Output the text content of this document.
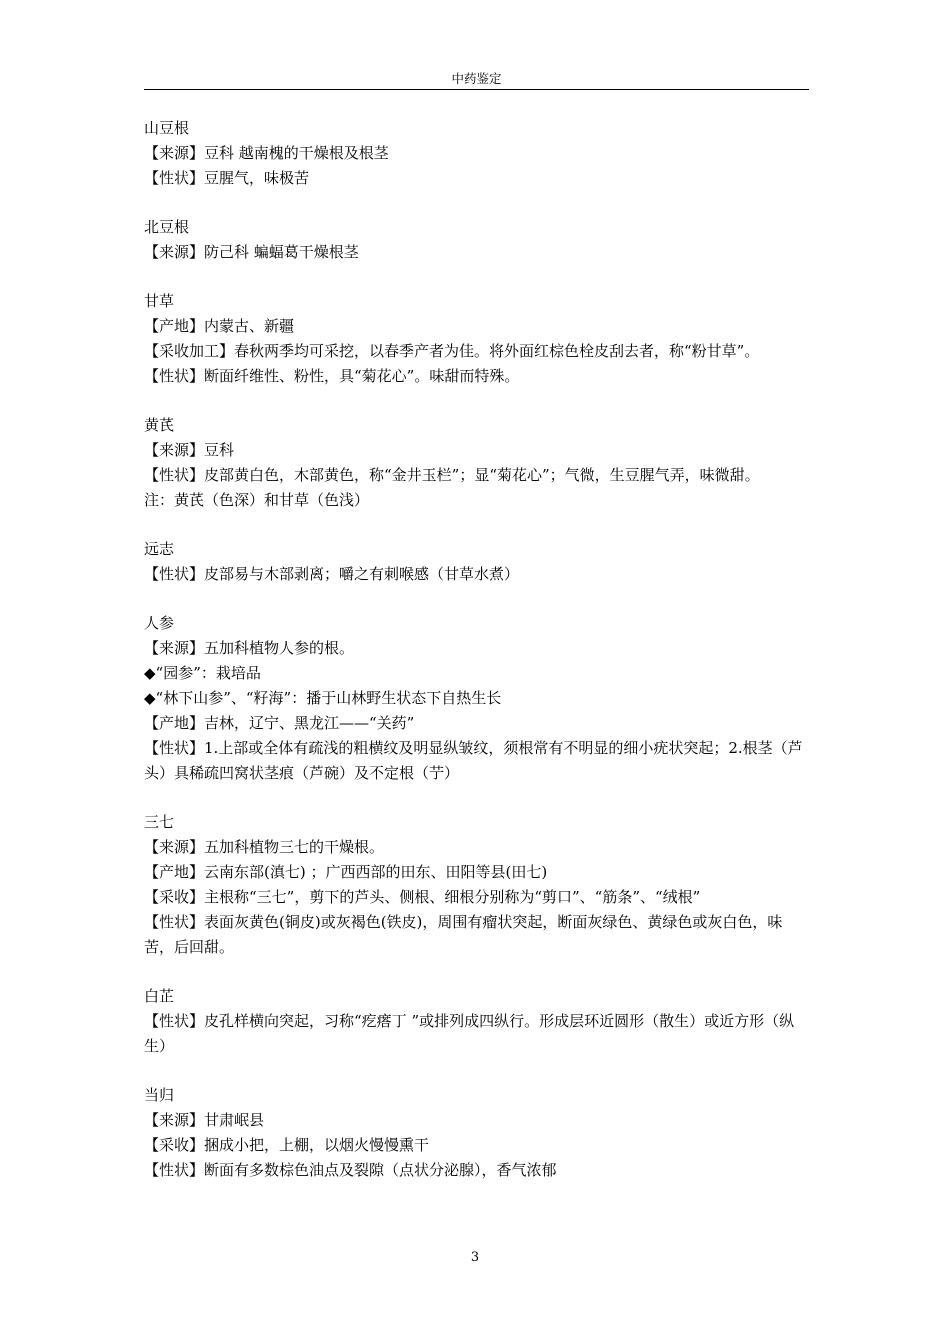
中药鉴定
山豆根
【来源】豆科 越南槐的干燥根及根茎
【性状】豆腥气，味极苦
北豆根
【来源】防己科 蝙蝠葛干燥根茎
甘草
【产地】内蒙古、新疆
【采收加工】春秋两季均可采挖，以春季产者为佳。将外面红棕色栓皮刮去者，称“粉甘草”。
【性状】断面纤维性、粉性，具“菊花心”。味甜而特殊。
黄芪
【来源】豆科
【性状】皮部黄白色，木部黄色，称“金井玉栏”；显“菊花心”；气微，生豆腥气弄，味微甜。
注：黄芪（色深）和甘草（色浅）
远志
【性状】皮部易与木部剥离；嚼之有刺喉感（甘草水煮）
人参
【来源】五加科植物人参的根。
◆“园参”：栽培品
◆“林下山参”、“籽海”：播于山林野生状态下自热生长
【产地】吉林，辽宁、黑龙江——“关药”
【性状】1.上部或全体有疏浅的粗横纹及明显纵皱纹，须根常有不明显的细小疣状突起；2.根茎（芦头）具稀疏凹窝状茎痕（芦碗）及不定根（艼）
三七
【来源】五加科植物三七的干燥根。
【产地】云南东部(滇七) ；广西西部的田东、田阳等县(田七)
【采收】主根称“三七”，剪下的芦头、侧根、细根分别称为“剪口”、“筋条”、“绒根”
【性状】表面灰黄色(铜皮)或灰褐色(铁皮)，周围有瘤状突起，断面灰绿色、黄绿色或灰白色，味苦，后回甜。
白芷
【性状】皮孔样横向突起，习称“疙瘩丁 ”或排列成四纵行。形成层环近圆形（散生）或近方形（纵生）
当归
【来源】甘肃岷县
【采收】捆成小把，上棚，以烟火慢慢熏干
【性状】断面有多数棕色油点及裂隙（点状分泌腺），香气浓郁
3
